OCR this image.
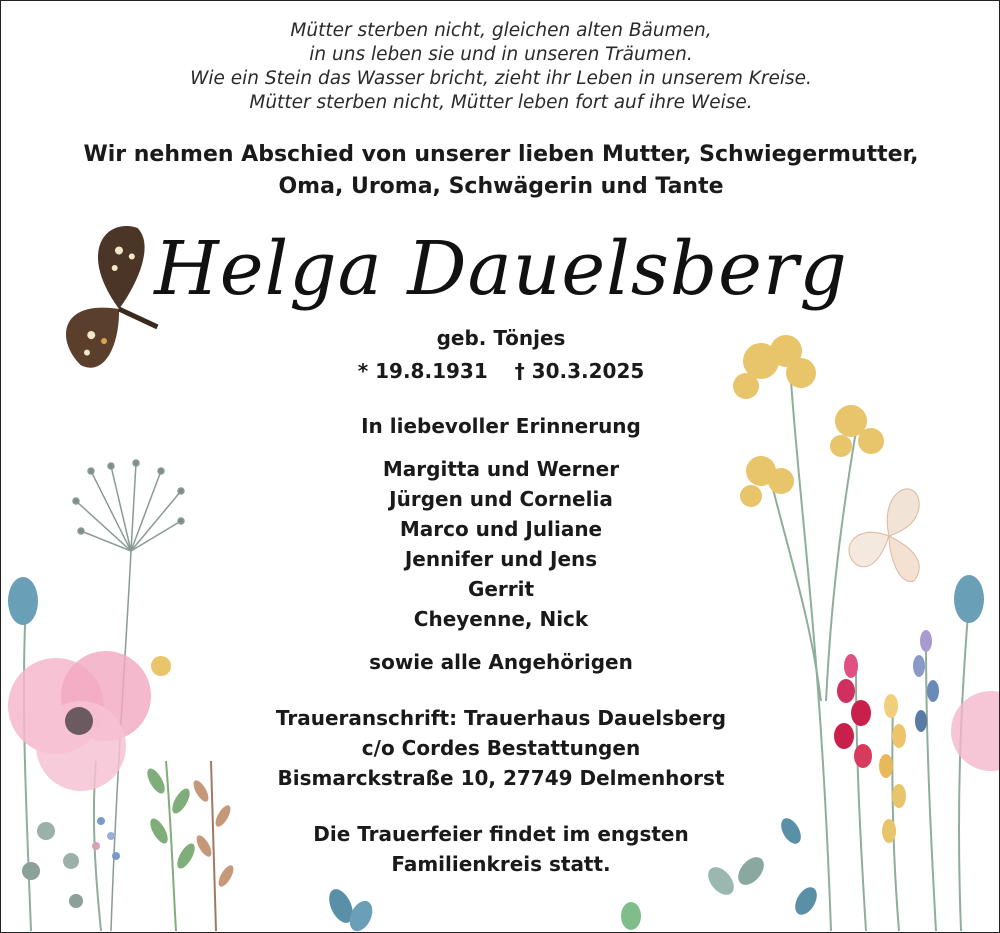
Mütter sterben nicht, gleichen alten Bäumen,
in uns leben sie und in unseren Träumen.
Wie ein Stein das Wasser bricht, zieht ihr Leben in unserem Kreise.
Mütter sterben nicht, Mütter leben fort auf ihre Weise.
Wir nehmen Abschied von unserer lieben Mutter, Schwiegermutter,
Oma, Uroma, Schwägerin und Tante
Helga Dauelsberg
geb. Tönjes
* 19.8.1931 † 30.3.2025
In liebevoller Erinnerung
Margitta und Werner
Jürgen und Cornelia
Marco und Juliane
Jennifer und Jens
Gerrit
Cheyenne, Nick
sowie alle Angehörigen
Traueranschrift: Trauerhaus Dauelsberg
c/o Cordes Bestattungen
Bismarckstraße 10, 27749 Delmenhorst
Die Trauerfeier findet im engsten
Familienkreis statt.
